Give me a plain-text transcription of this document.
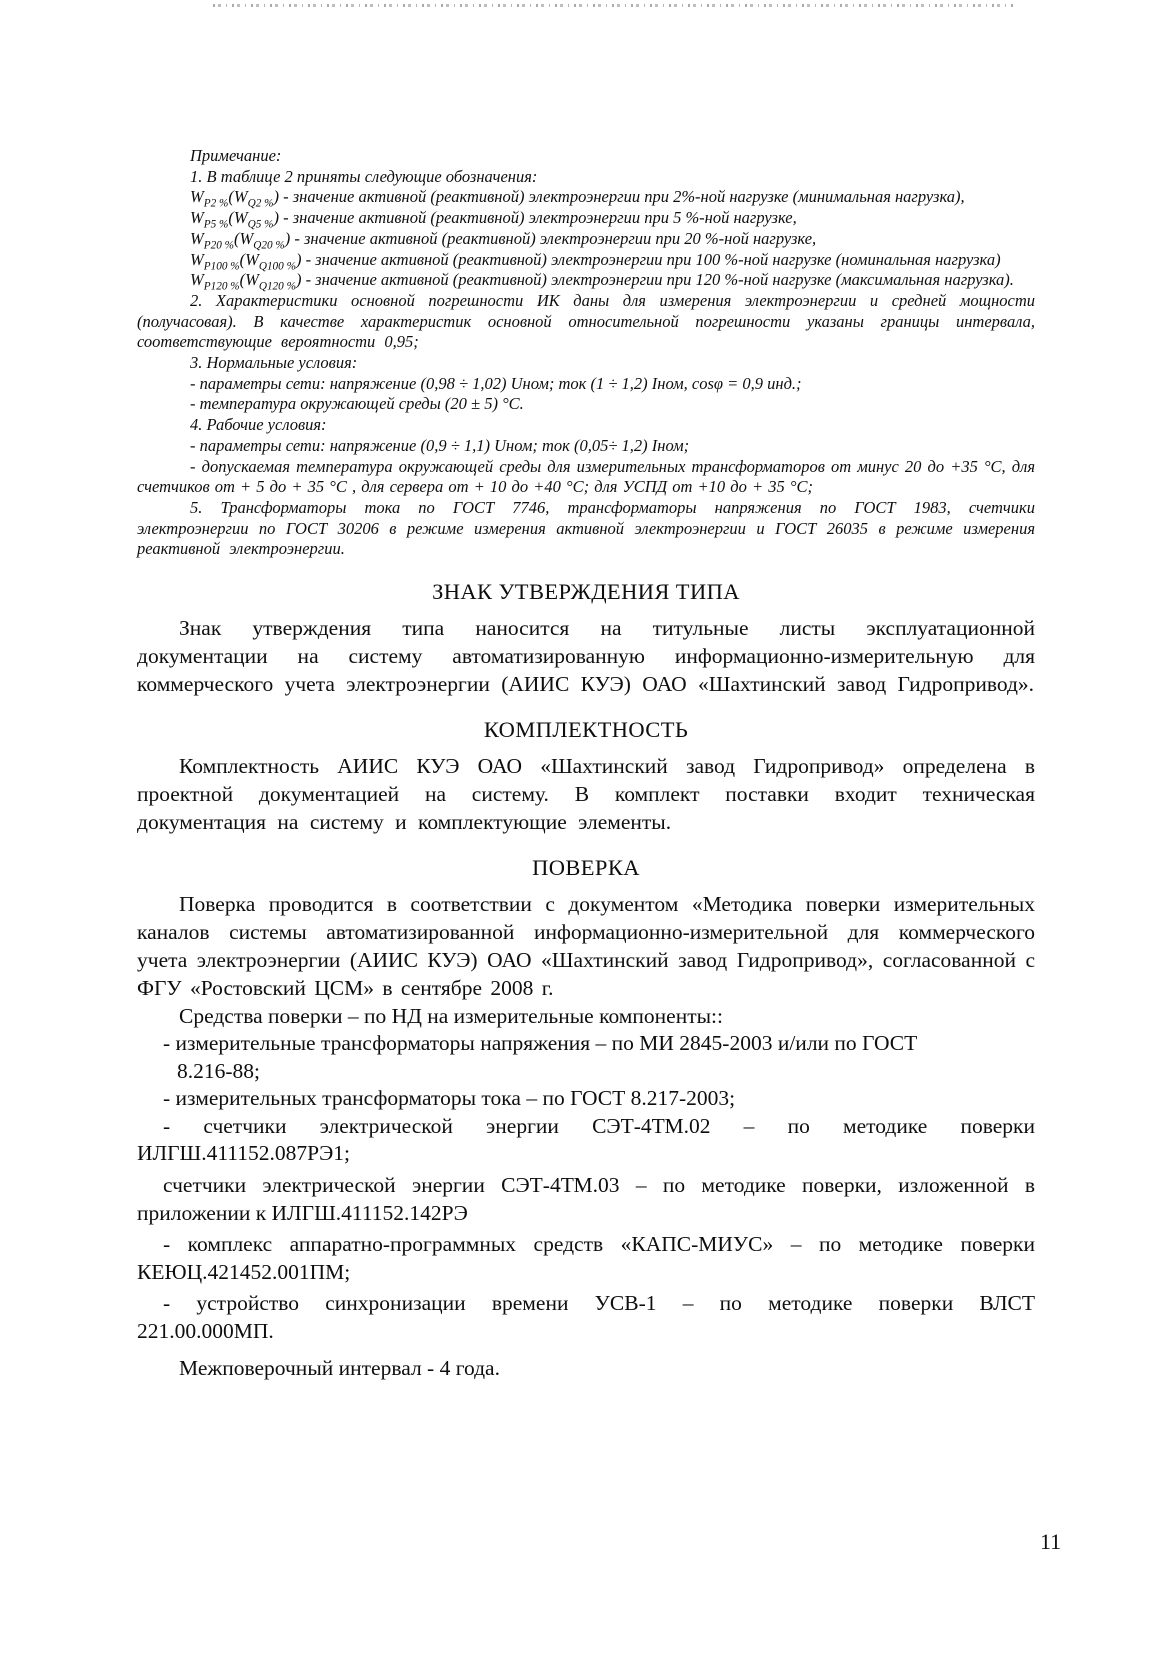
Примечание:
1. В таблице 2 приняты следующие обозначения:
$W_{P2 \%}(W_{Q2 \%})$ - значение активной (реактивной) электроэнергии при 2%-ной нагрузке (минимальная нагрузка),
$W_{P5 \%}(W_{Q5 \%})$ - значение активной (реактивной) электроэнергии при 5 %-ной нагрузке,
$W_{P20 \%}(W_{Q20 \%})$ - значение активной (реактивной) электроэнергии при 20 %-ной нагрузке,
$W_{P100 \%}(W_{Q100 \%})$ - значение активной (реактивной) электроэнергии при 100 %-ной нагрузке (номинальная нагрузка)
$W_{P120 \%}(W_{Q120 \%})$ - значение активной (реактивной) электроэнергии при 120 %-ной нагрузке (максимальная нагрузка).
2. Характеристики основной погрешности ИК даны для измерения электроэнергии и средней мощности (получасовая). В качестве характеристик основной относительной погрешности указаны границы интервала, соответствующие вероятности 0,95;
3. Нормальные условия:
- параметры сети: напряжение (0,98 ÷ 1,02) Uном; ток (1 ÷ 1,2) Iном, cosφ = 0,9 инд.;
- температура окружающей среды (20 ± 5) °С.
4. Рабочие условия:
- параметры сети: напряжение (0,9 ÷ 1,1) Uном; ток (0,05÷ 1,2) Iном;
- допускаемая температура окружающей среды для измерительных трансформаторов от минус 20 до +35 °С, для счетчиков от + 5 до + 35 °С , для сервера от + 10 до +40 °С; для УСПД от +10 до + 35 °С;
5. Трансформаторы тока по ГОСТ 7746, трансформаторы напряжения по ГОСТ 1983, счетчики электроэнергии по ГОСТ 30206 в режиме измерения активной электроэнергии и ГОСТ 26035 в режиме измерения реактивной электроэнергии.
ЗНАК УТВЕРЖДЕНИЯ ТИПА

Знак утверждения типа наносится на титульные листы эксплуатационной документации на систему автоматизированную информационно-измерительную для коммерческого учета электроэнергии (АИИС КУЭ) ОАО «Шахтинский завод Гидропривод».

КОМПЛЕКТНОСТЬ

Комплектность АИИС КУЭ ОАО «Шахтинский завод Гидропривод» определена в проектной документацией на систему. В комплект поставки входит техническая документация на систему и комплектующие элементы.

ПОВЕРКА

Поверка проводится в соответствии с документом «Методика поверки измерительных каналов системы автоматизированной информационно-измерительной для коммерческого учета электроэнергии (АИИС КУЭ) ОАО «Шахтинский завод Гидропривод», согласованной с ФГУ «Ростовский ЦСМ» в сентябре 2008 г.

Средства поверки – по НД на измерительные компоненты::

- измерительные трансформаторы напряжения – по МИ 2845-2003 и/или по ГОСТ
8.216-88;
- измерительных трансформаторы тока – по ГОСТ 8.217-2003;
- счетчики электрической энергии СЭТ-4ТМ.02 – по методике поверки
ИЛГШ.411152.087РЭ1;
счетчики электрической энергии СЭТ-4ТМ.03 – по методике поверки, изложенной в
приложении к ИЛГШ.411152.142РЭ
- комплекс аппаратно-программных средств «КАПС-МИУС» – по методике поверки
КЕЮЦ.421452.001ПМ;
- устройство синхронизации времени УСВ-1 – по методике поверки ВЛСТ
221.00.000МП.

Межповерочный интервал - 4 года.

11
